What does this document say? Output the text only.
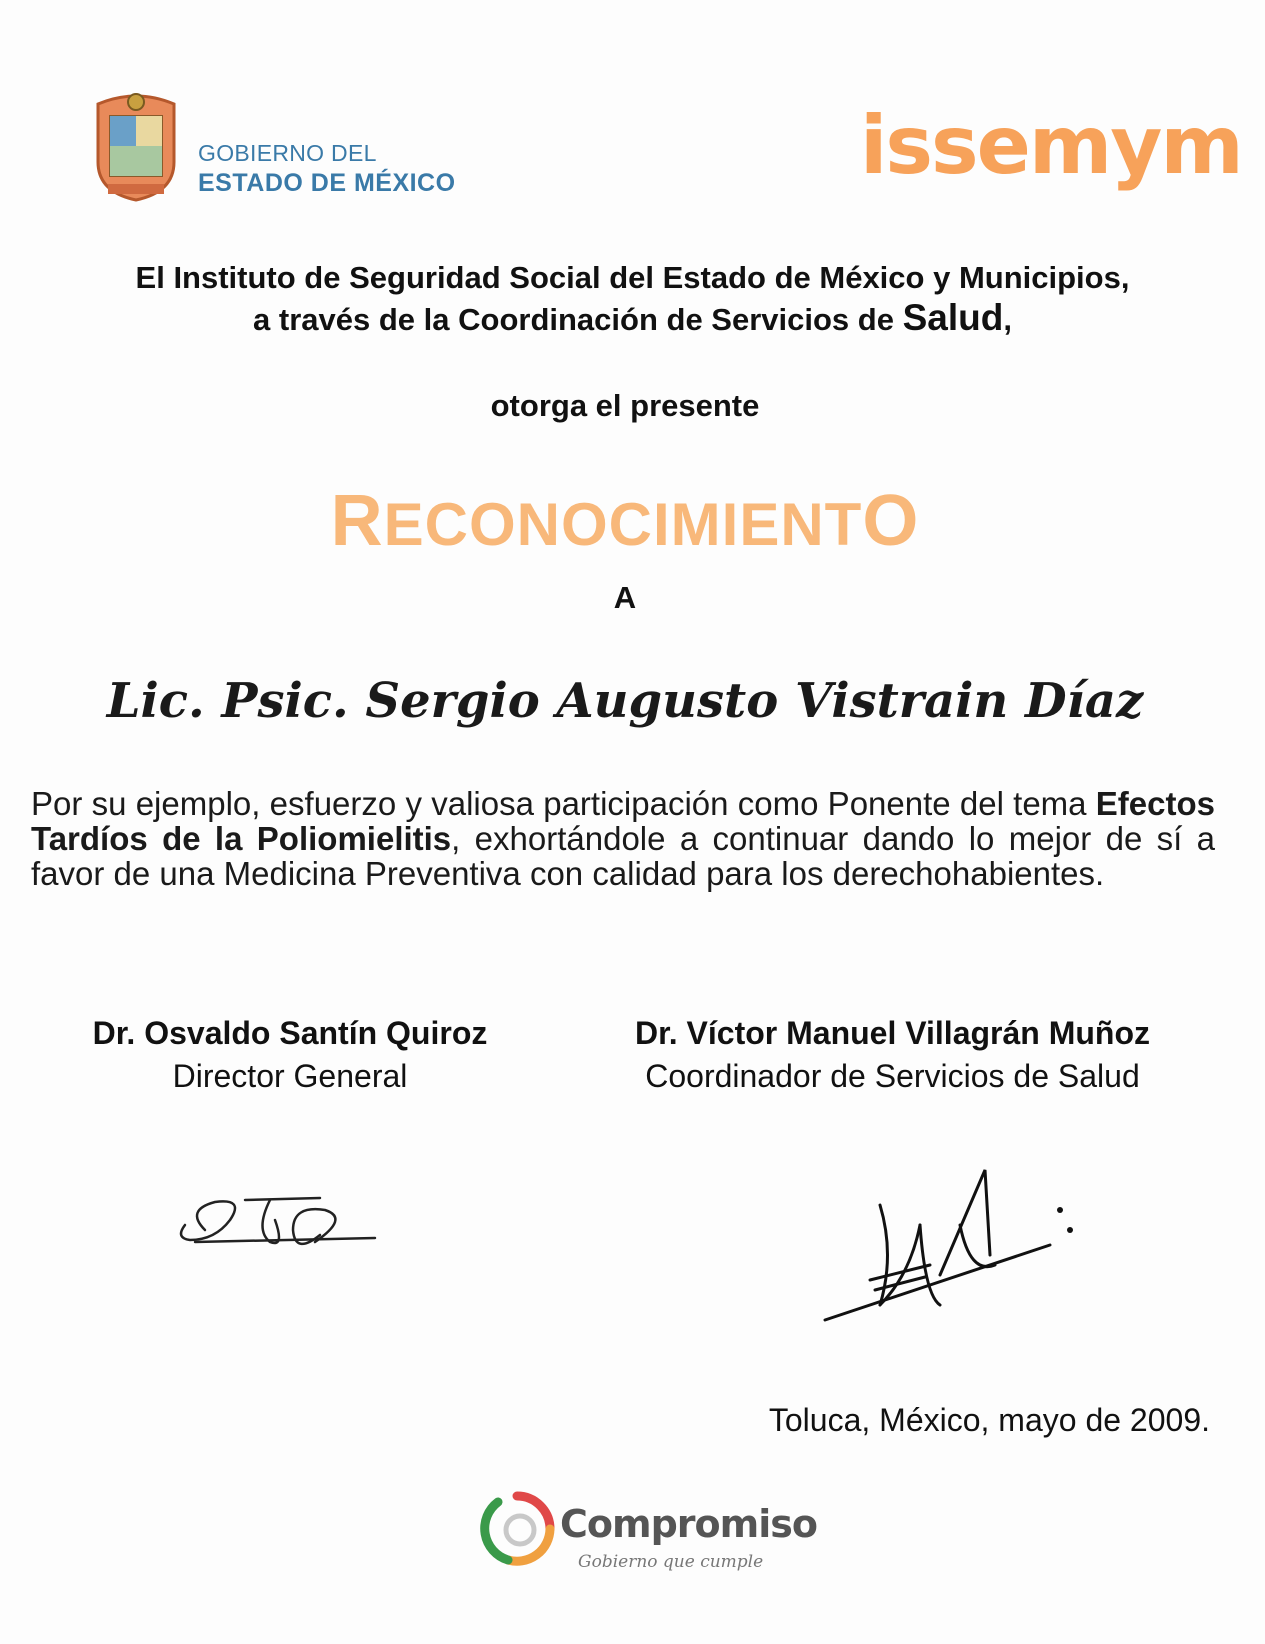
GOBIERNO DEL
ESTADO DE MÉXICO	issemym
El Instituto de Seguridad Social del Estado de México y Municipios,
a través de la Coordinación de Servicios de Salud,
otorga el presente
RECONOCIMIENTO
A
Lic. Psic. Sergio Augusto Vistrain Díaz
Por su ejemplo, esfuerzo y valiosa participación como Ponente del tema Efectos Tardíos de la Poliomielitis, exhortándole a continuar dando lo mejor de sí a favor de una Medicina Preventiva con calidad para los derechohabientes.
Dr. Osvaldo Santín Quiroz
Director General
Dr. Víctor Manuel Villagrán Muñoz
Coordinador de Servicios de Salud
Toluca, México, mayo de 2009.
Compromiso
Gobierno que cumple
